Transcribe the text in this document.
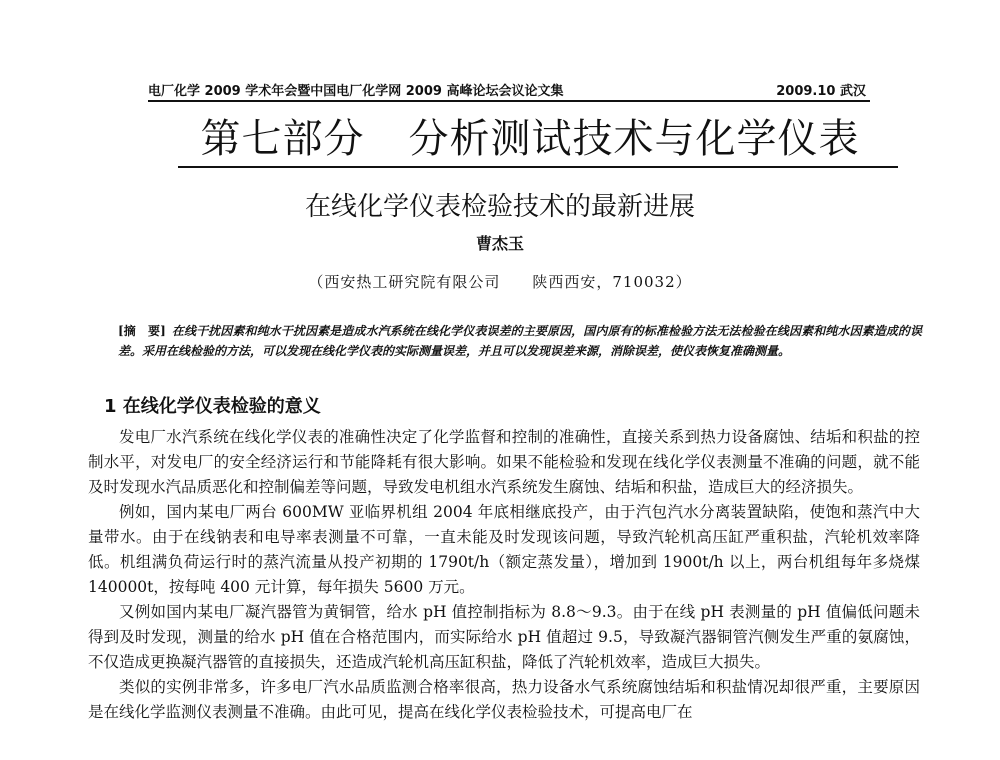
电厂化学 2009 学术年会暨中国电厂化学网 2009 高峰论坛会议论文集	2009.10 武汉
第七部分 分析测试技术与化学仪表
在线化学仪表检验技术的最新进展
曹杰玉
（西安热工研究院有限公司　　陕西西安，710032）
[摘　要] 在线干扰因素和纯水干扰因素是造成水汽系统在线化学仪表误差的主要原因，国内原有的标准检验方法无法检验在线因素和纯水因素造成的误差。采用在线检验的方法，可以发现在线化学仪表的实际测量误差，并且可以发现误差来源，消除误差，使仪表恢复准确测量。
1 在线化学仪表检验的意义

发电厂水汽系统在线化学仪表的准确性决定了化学监督和控制的准确性，直接关系到热力设备腐蚀、结垢和积盐的控制水平，对发电厂的安全经济运行和节能降耗有很大影响。如果不能检验和发现在线化学仪表测量不准确的问题，就不能及时发现水汽品质恶化和控制偏差等问题，导致发电机组水汽系统发生腐蚀、结垢和积盐，造成巨大的经济损失。

例如，国内某电厂两台 600MW 亚临界机组 2004 年底相继底投产，由于汽包汽水分离装置缺陷，使饱和蒸汽中大量带水。由于在线钠表和电导率表测量不可靠，一直未能及时发现该问题，导致汽轮机高压缸严重积盐，汽轮机效率降低。机组满负荷运行时的蒸汽流量从投产初期的 1790t/h（额定蒸发量），增加到 1900t/h 以上，两台机组每年多烧煤 140000t，按每吨 400 元计算，每年损失 5600 万元。

又例如国内某电厂凝汽器管为黄铜管，给水 pH 值控制指标为 8.8～9.3。由于在线 pH 表测量的 pH 值偏低问题未得到及时发现，测量的给水 pH 值在合格范围内，而实际给水 pH 值超过 9.5，导致凝汽器铜管汽侧发生严重的氨腐蚀，不仅造成更换凝汽器管的直接损失，还造成汽轮机高压缸积盐，降低了汽轮机效率，造成巨大损失。

类似的实例非常多，许多电厂汽水品质监测合格率很高，热力设备水气系统腐蚀结垢和积盐情况却很严重，主要原因是在线化学监测仪表测量不准确。由此可见，提高在线化学仪表检验技术，可提高电厂在
